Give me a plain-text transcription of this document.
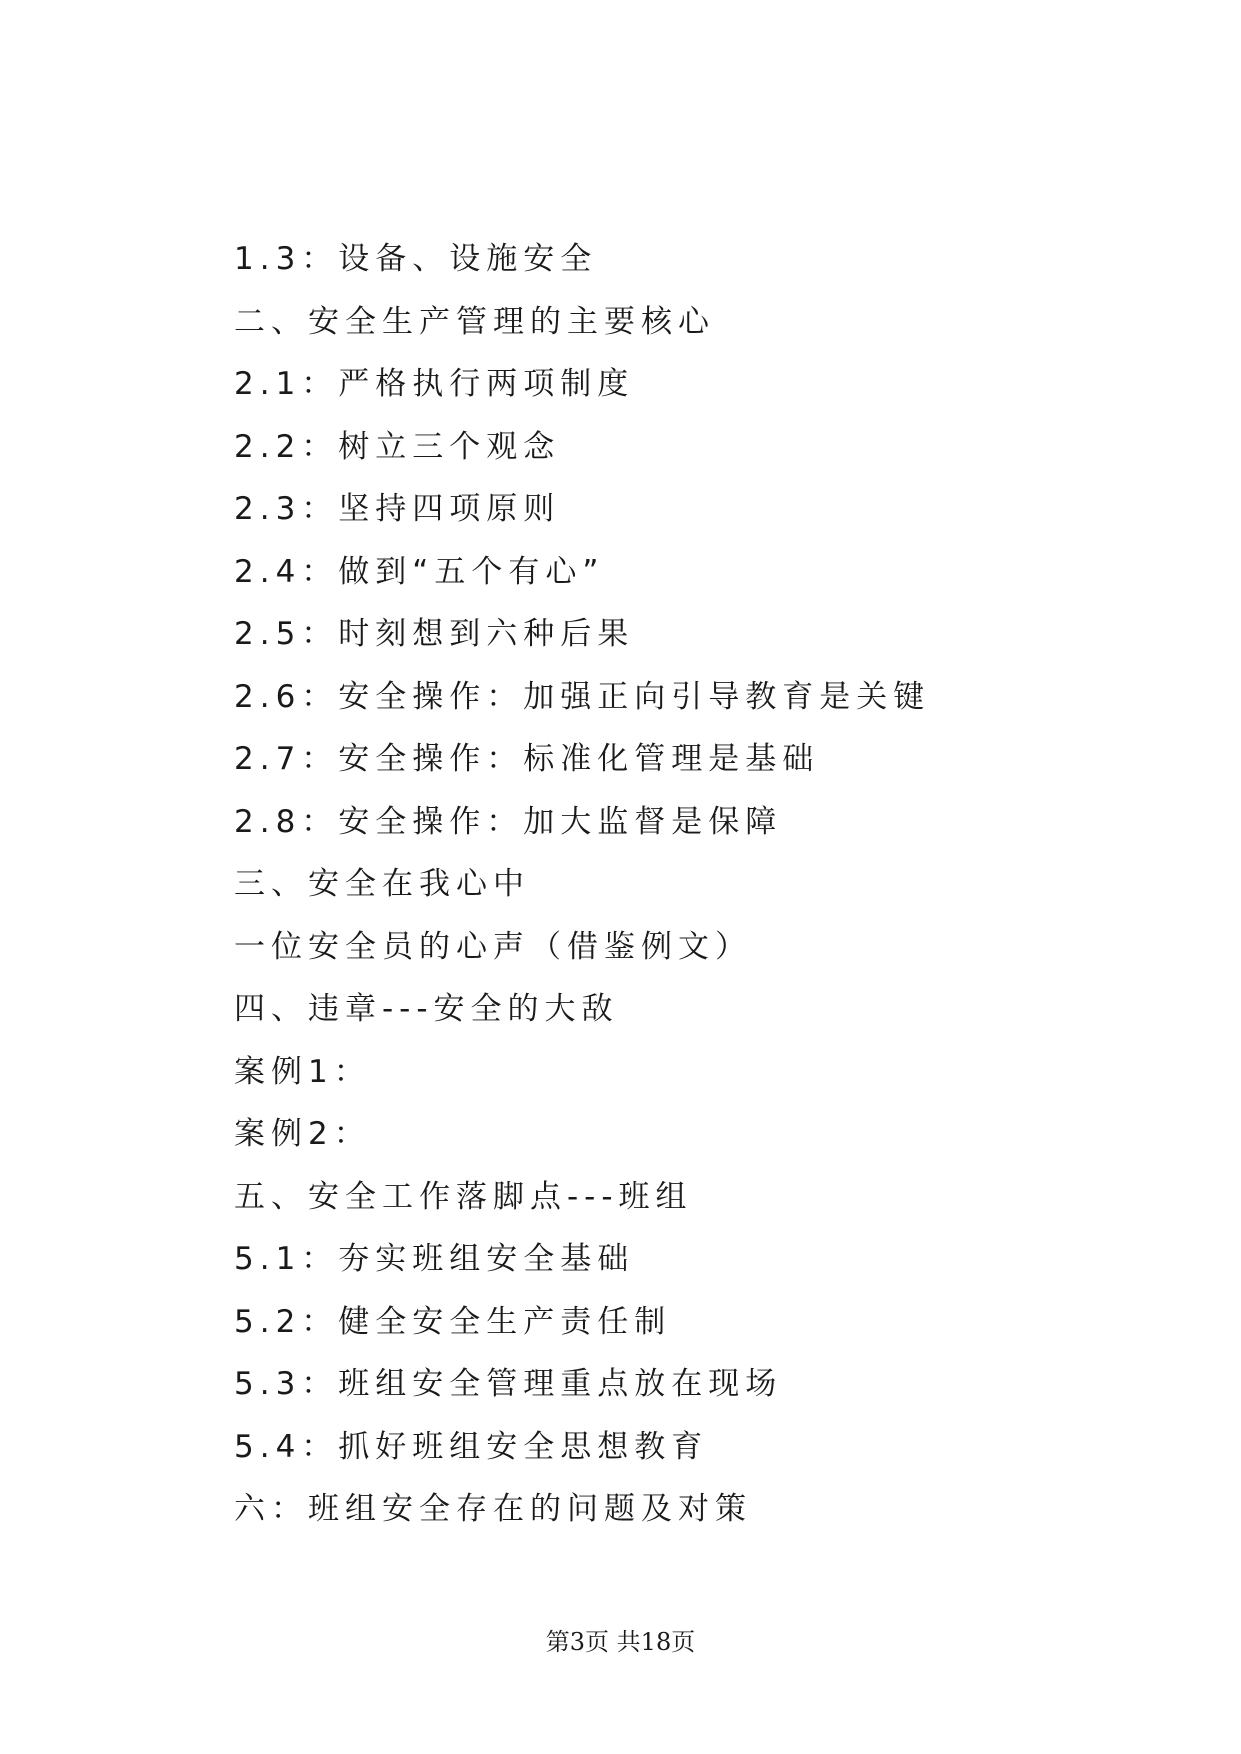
1.3：设备、设施安全
二、安全生产管理的主要核心
2.1：严格执行两项制度
2.2：树立三个观念
2.3：坚持四项原则
2.4：做到“五个有心”
2.5：时刻想到六种后果
2.6：安全操作：加强正向引导教育是关键
2.7：安全操作：标准化管理是基础
2.8：安全操作：加大监督是保障
三、安全在我心中
一位安全员的心声（借鉴例文）
四、违章---安全的大敌
案例1：
案例2：
五、安全工作落脚点---班组
5.1：夯实班组安全基础
5.2：健全安全生产责任制
5.3：班组安全管理重点放在现场
5.4：抓好班组安全思想教育
六：班组安全存在的问题及对策
第3页 共18页
